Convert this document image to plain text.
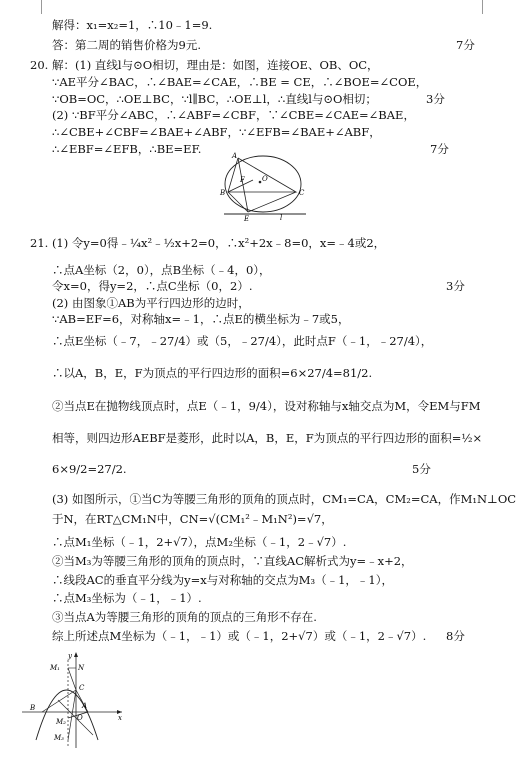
解得：x₁=x₂=1，∴10﹣1=9.
答：第二周的销售价格为9元.
20. 解：(1) 直线l与⊙O相切，理由是：如图，连接OE、OB、OC，
∵AE平分∠BAC，∴∠BAE=∠CAE，∴BE = CE，∴∠BOE=∠COE，
∵OB=OC，∴OE⊥BC，∵l∥BC，∴OE⊥l，∴直线l与⊙O相切；
(2) ∵BF平分∠ABC，∴∠ABF=∠CBF，∵∠CBE=∠CAE=∠BAE，
∴∠CBE+∠CBF=∠BAE+∠ABF，∵∠EFB=∠BAE+∠ABF，
∴∠EBF=∠EFB，∴BE=EF.
21. (1) 令y=0得﹣¼x²﹣½x+2=0，∴x²+2x﹣8=0，x=﹣4或2，
∴点A坐标（2，0），点B坐标（﹣4，0），
令x=0，得y=2，∴点C坐标（0，2）.
(2) 由图象①AB为平行四边形的边时，
∵AB=EF=6，对称轴x=﹣1，∴点E的横坐标为﹣7或5，
∴点E坐标（﹣7，﹣27/4）或（5，﹣27/4），此时点F（﹣1，﹣27/4），
∴以A，B，E，F为顶点的平行四边形的面积=6×27/4=81/2.
②当点E在抛物线顶点时，点E（﹣1，9/4），设对称轴与x轴交点为M，令EM与FM
相等，则四边形AEBF是菱形，此时以A，B，E，F为顶点的平行四边形的面积=½×
6×9/2=27/2.
(3) 如图所示，①当C为等腰三角形的顶角的顶点时，CM₁=CA，CM₂=CA，作M₁N⊥OC
于N，在RT△CM₁N中，CN=√(CM₁²﹣M₁N²)=√7，
∴点M₁坐标（﹣1，2+√7），点M₂坐标（﹣1，2﹣√7）.
②当M₃为等腰三角形的顶角的顶点时，∵直线AC解析式为y=﹣x+2，
∴线段AC的垂直平分线为y=x与对称轴的交点为M₃（﹣1，﹣1），
∴点M₃坐标为（﹣1，﹣1）.
③当点A为等腰三角形的顶角的顶点的三角形不存在.
综上所述点M坐标为（﹣1，﹣1）或（﹣1，2+√7）或（﹣1，2﹣√7）.
7分
3分
7分
3分
5分
8分
A
B	C
E
F O
l
y
x
M₁	N
C
B	A
O
M₂
M₃
